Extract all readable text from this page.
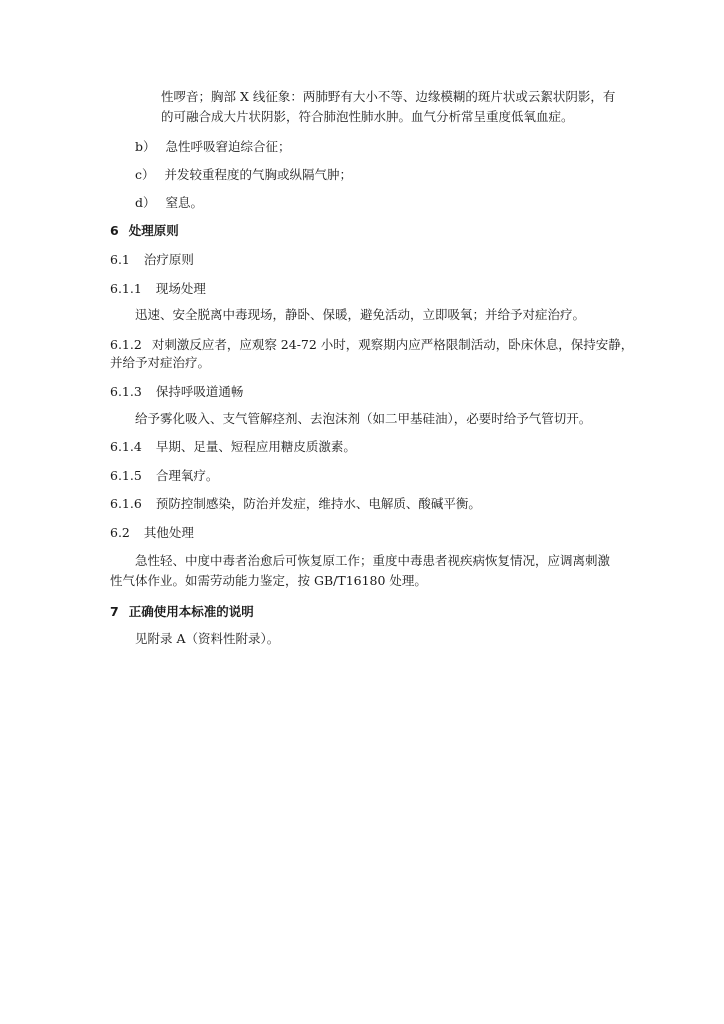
性啰音；胸部 X 线征象：两肺野有大小不等、边缘模糊的斑片状或云絮状阴影，有
的可融合成大片状阴影，符合肺泡性肺水肿。血气分析常呈重度低氧血症。
b） 急性呼吸窘迫综合征；
c） 并发较重程度的气胸或纵隔气肿；
d） 窒息。
6 处理原则
6.1 治疗原则
6.1.1 现场处理
迅速、安全脱离中毒现场，静卧、保暖，避免活动，立即吸氧；并给予对症治疗。
6.1.2 对刺激反应者，应观察 24-72 小时，观察期内应严格限制活动，卧床休息，保持安静，
并给予对症治疗。
6.1.3 保持呼吸道通畅
给予雾化吸入、支气管解痉剂、去泡沫剂（如二甲基硅油），必要时给予气管切开。
6.1.4 早期、足量、短程应用糖皮质激素。
6.1.5 合理氧疗。
6.1.6 预防控制感染，防治并发症，维持水、电解质、酸碱平衡。
6.2 其他处理
急性轻、中度中毒者治愈后可恢复原工作；重度中毒患者视疾病恢复情况，应调离刺激
性气体作业。如需劳动能力鉴定，按 GB/T16180 处理。
7 正确使用本标准的说明
见附录 A（资料性附录）。
